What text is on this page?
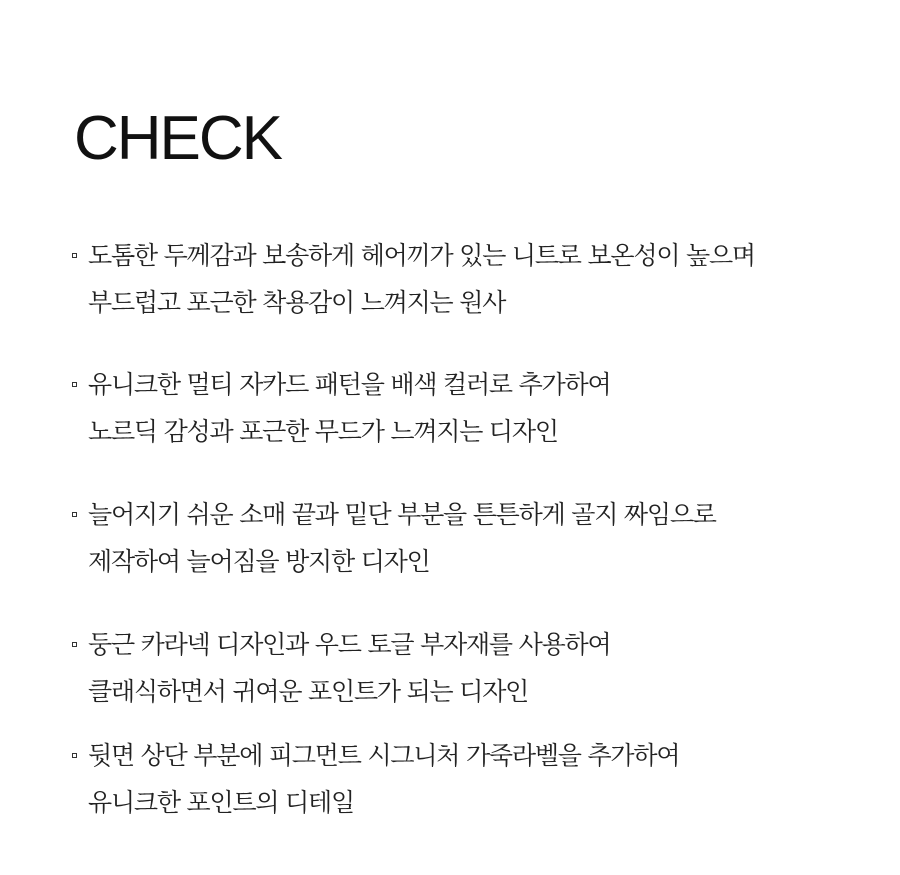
CHECK
도톰한 두께감과 보송하게 헤어끼가 있는 니트로 보온성이 높으며
부드럽고 포근한 착용감이 느껴지는 원사
유니크한 멀티 자카드 패턴을 배색 컬러로 추가하여
노르딕 감성과 포근한 무드가 느껴지는 디자인
늘어지기 쉬운 소매 끝과 밑단 부분을 튼튼하게 골지 짜임으로
제작하여 늘어짐을 방지한 디자인
둥근 카라넥 디자인과 우드 토글 부자재를 사용하여
클래식하면서 귀여운 포인트가 되는 디자인
뒷면 상단 부분에 피그먼트 시그니처 가죽라벨을 추가하여
유니크한 포인트의 디테일
